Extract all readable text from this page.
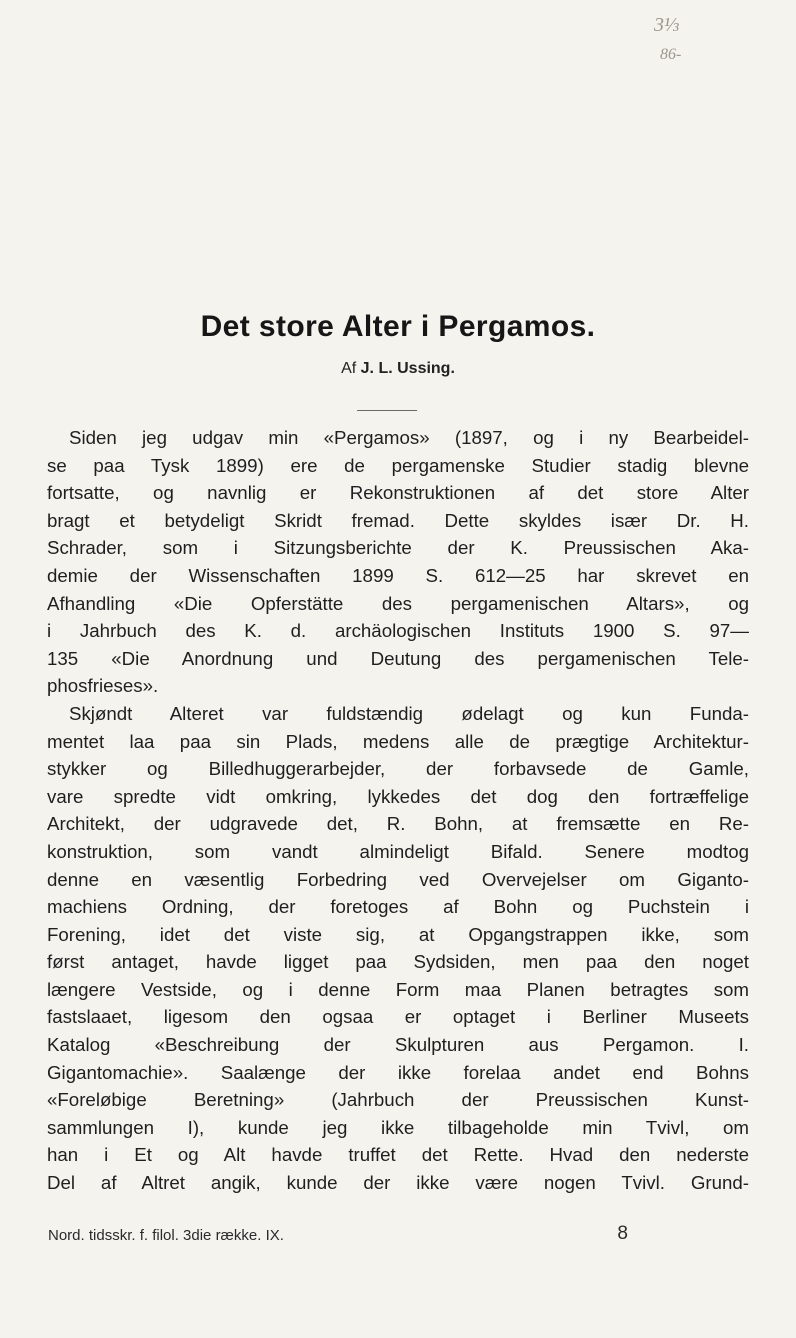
3⅓
86-
Det store Alter i Pergamos.
Af J. L. Ussing.
Siden jeg udgav min «Pergamos» (1897, og i ny Bearbeidel-
se paa Tysk 1899) ere de pergamenske Studier stadig blevne
fortsatte, og navnlig er Rekonstruktionen af det store Alter
bragt et betydeligt Skridt fremad. Dette skyldes især Dr. H.
Schrader, som i Sitzungsberichte der K. Preussischen Aka-
demie der Wissenschaften 1899 S. 612—25 har skrevet en
Afhandling «Die Opferstätte des pergamenischen Altars», og
i Jahrbuch des K. d. archäologischen Instituts 1900 S. 97—
135 «Die Anordnung und Deutung des pergamenischen Tele-
phosfrieses».
Skjøndt Alteret var fuldstændig ødelagt og kun Funda-
mentet laa paa sin Plads, medens alle de prægtige Architektur-
stykker og Billedhuggerarbejder, der forbavsede de Gamle,
vare spredte vidt omkring, lykkedes det dog den fortræffelige
Architekt, der udgravede det, R. Bohn, at fremsætte en Re-
konstruktion, som vandt almindeligt Bifald. Senere modtog
denne en væsentlig Forbedring ved Overvejelser om Giganto-
machiens Ordning, der foretoges af Bohn og Puchstein i
Forening, idet det viste sig, at Opgangstrappen ikke, som
først antaget, havde ligget paa Sydsiden, men paa den noget
længere Vestside, og i denne Form maa Planen betragtes som
fastslaaet, ligesom den ogsaa er optaget i Berliner Museets
Katalog «Beschreibung der Skulpturen aus Pergamon. I.
Gigantomachie». Saalænge der ikke forelaa andet end Bohns
«Foreløbige Beretning» (Jahrbuch der Preussischen Kunst-
sammlungen I), kunde jeg ikke tilbageholde min Tvivl, om
han i Et og Alt havde truffet det Rette. Hvad den nederste
Del af Altret angik, kunde der ikke være nogen Tvivl. Grund-
Nord. tidsskr. f. filol. 3die række. IX.	8
